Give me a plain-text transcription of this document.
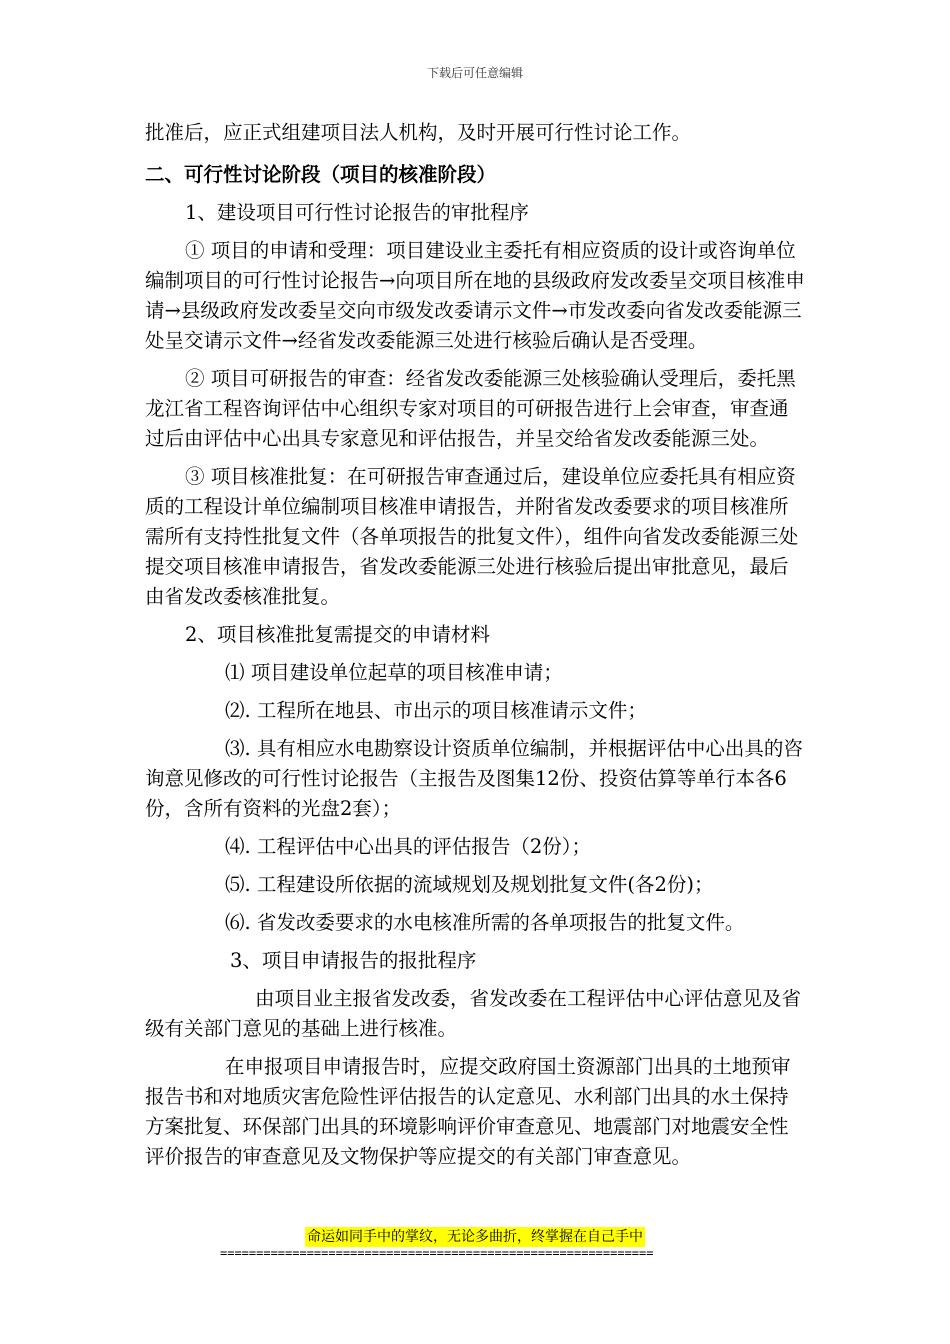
下载后可任意编辑

批准后，应正式组建项目法人机构，及时开展可行性讨论工作。

二、可行性讨论阶段（项目的核准阶段）

1、建设项目可行性讨论报告的审批程序

① 项目的申请和受理：项目建设业主委托有相应资质的设计或咨询单位编制项目的可行性讨论报告→向项目所在地的县级政府发改委呈交项目核准申请→县级政府发改委呈交向市级发改委请示文件→市发改委向省发改委能源三处呈交请示文件→经省发改委能源三处进行核验后确认是否受理。

② 项目可研报告的审查：经省发改委能源三处核验确认受理后，委托黑龙江省工程咨询评估中心组织专家对项目的可研报告进行上会审查，审查通过后由评估中心出具专家意见和评估报告，并呈交给省发改委能源三处。

③ 项目核准批复：在可研报告审查通过后，建设单位应委托具有相应资质的工程设计单位编制项目核准申请报告，并附省发改委要求的项目核准所需所有支持性批复文件（各单项报告的批复文件），组件向省发改委能源三处提交项目核准申请报告，省发改委能源三处进行核验后提出审批意见，最后由省发改委核准批复。

2、项目核准批复需提交的申请材料

⑴ 项目建设单位起草的项目核准申请；

⑵. 工程所在地县、市出示的项目核准请示文件；

⑶. 具有相应水电勘察设计资质单位编制，并根据评估中心出具的咨询意见修改的可行性讨论报告（主报告及图集12份、投资估算等单行本各6份，含所有资料的光盘2套）；

⑷. 工程评估中心出具的评估报告（2份）；

⑸. 工程建设所依据的流域规划及规划批复文件(各2份)；

⑹. 省发改委要求的水电核准所需的各单项报告的批复文件。

3、项目申请报告的报批程序

由项目业主报省发改委，省发改委在工程评估中心评估意见及省级有关部门意见的基础上进行核准。

在申报项目申请报告时，应提交政府国土资源部门出具的土地预审报告书和对地质灾害危险性评估报告的认定意见、水利部门出具的水土保持方案批复、环保部门出具的环境影响评价审查意见、地震部门对地震安全性评价报告的审查意见及文物保护等应提交的有关部门审查意见。

命运如同手中的掌纹，无论多曲折，终掌握在自己手中
============================================================
